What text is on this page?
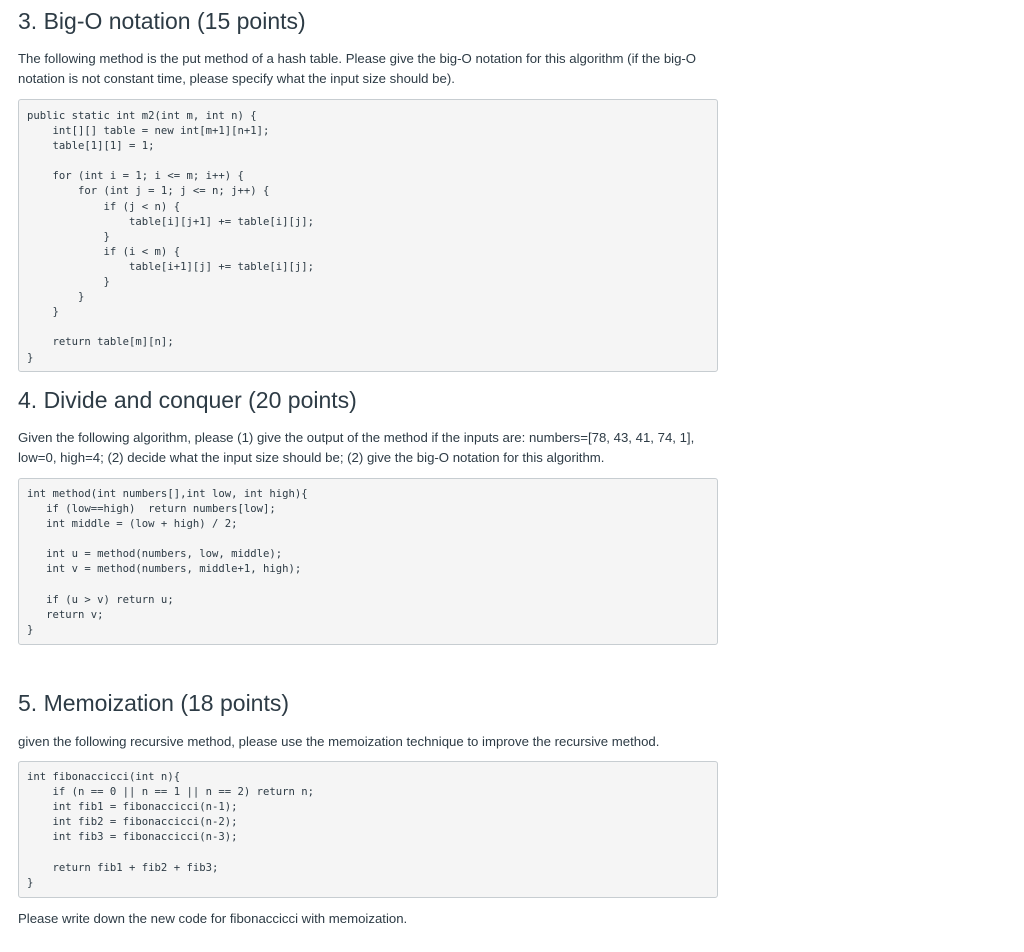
3. Big-O notation (15 points)

The following method is the put method of a hash table. Please give the big-O notation for this algorithm (if the big-O notation is not constant time, please specify what the input size should be).

public static int m2(int m, int n) {
int[][] table = new int[m+1][n+1];
table[1][1] = 1;

for (int i = 1; i <= m; i++) {
for (int j = 1; j <= n; j++) {
if (j < n) {
table[i][j+1] += table[i][j];
}
if (i < m) {
table[i+1][j] += table[i][j];
}
}
}

return table[m][n];
}
4. Divide and conquer (20 points)

Given the following algorithm, please (1) give the output of the method if the inputs are: numbers=[78, 43, 41, 74, 1], low=0, high=4; (2) decide what the input size should be; (2) give the big-O notation for this algorithm.

int method(int numbers[],int low, int high){
if (low==high)  return numbers[low];
int middle = (low + high) / 2;

int u = method(numbers, low, middle);
int v = method(numbers, middle+1, high);

if (u > v) return u;
return v;
}
5. Memoization (18 points)

given the following recursive method, please use the memoization technique to improve the recursive method.

int fibonaccicci(int n){
if (n == 0 || n == 1 || n == 2) return n;
int fib1 = fibonaccicci(n-1);
int fib2 = fibonaccicci(n-2);
int fib3 = fibonaccicci(n-3);

return fib1 + fib2 + fib3;
}

Please write down the new code for fibonaccicci with memoization.
